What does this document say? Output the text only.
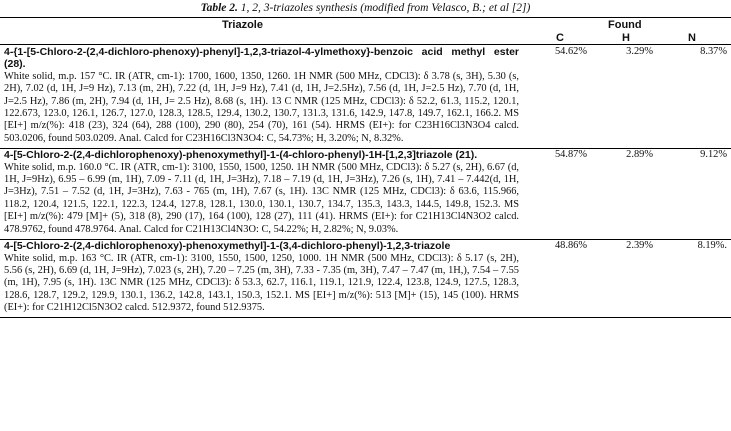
Table 2. 1, 2, 3-triazoles synthesis (modified from Velasco, B.; et al [2])
Triazole	Found
C	H	N
4-{1-[5-Chloro-2-(2,4-dichloro-phenoxy)-phenyl]-1,2,3-triazol-4-ylmethoxy}-benzoic acid methyl ester (28).
White solid, m.p. 157 °C. IR (ATR, cm-1): 1700, 1600, 1350, 1260. 1H NMR (500 MHz, CDCl3): δ 3.78 (s, 3H), 5.30 (s, 2H), 7.02 (d, 1H, J=9 Hz), 7.13 (m, 2H), 7.22 (d, 1H, J=9 Hz), 7.41 (d, 1H, J=2.5Hz), 7.56 (d, 1H, J=2.5 Hz), 7.70 (d, 1H, J=2.5 Hz), 7.86 (m, 2H), 7.94 (d, 1H, J= 2.5 Hz), 8.68 (s, 1H). 13 C NMR (125 MHz, CDCl3): δ 52.2, 61.3, 115.2, 120.1, 122.673, 123.0, 126.1, 126.7, 127.0, 128.3, 128.5, 129.4, 130.2, 130.7, 131.3, 131.6, 142.9, 147.8, 149.7, 162.1, 166.2. MS [EI+] m/z(%): 418 (23), 324 (64), 288 (100), 290 (80), 254 (70), 161 (54). HRMS (EI+): for C23H16Cl3N3O4 calcd. 503.0206, found 503.0209. Anal. Calcd for C23H16Cl3N3O4: C, 54.73%; H, 3.20%; N, 8.32%.	54.62%	3.29%	8.37%

4-[5-Chloro-2-(2,4-dichlorophenoxy)-phenoxymethyl]-1-(4-chloro-phenyl)-1H-[1,2,3]triazole (21).
White solid, m.p. 160.0 °C. IR (ATR, cm-1): 3100, 1550, 1500, 1250. 1H NMR (500 MHz, CDCl3): δ 5.27 (s, 2H), 6.67 (d, 1H, J=9Hz), 6.95 – 6.99 (m, 1H), 7.09 - 7.11 (d, 1H, J=3Hz), 7.18 – 7.19 (d, 1H, J=3Hz), 7.26 (s, 1H), 7.41 – 7.442(d, 1H, J=3Hz), 7.51 – 7.52 (d, 1H, J=3Hz), 7.63 - 765 (m, 1H), 7.67 (s, 1H). 13C NMR (125 MHz, CDCl3): δ 63.6, 115.966, 118.2, 120.4, 121.5, 122.1, 122.3, 124.4, 127.8, 128.1, 130.0, 130.1, 130.7, 134.7, 135.3, 143.3, 144.5, 149.8, 152.3. MS [EI+] m/z(%): 479 [M]+ (5), 318 (8), 290 (17), 164 (100), 128 (27), 111 (41). HRMS (EI+): for C21H13Cl4N3O2 calcd. 478.9762, found 478.9764. Anal. Calcd for C21H13Cl4N3O: C, 54.22%; H, 2.82%; N, 9.03%.	54.87%	2.89%	9.12%

4-[5-Chloro-2-(2,4-dichlorophenoxy)-phenoxymethyl]-1-(3,4-dichloro-phenyl)-1,2,3-triazole
White solid, m.p. 163 °C. IR (ATR, cm-1): 3100, 1550, 1500, 1250, 1000. 1H NMR (500 MHz, CDCl3): δ 5.17 (s, 2H), 5.56 (s, 2H), 6.69 (d, 1H, J=9Hz), 7.023 (s, 2H), 7.20 – 7.25 (m, 3H), 7.33 - 7.35 (m, 3H), 7.47 – 7.47 (m, 1H,), 7.54 – 7.55 (m, 1H), 7.95 (s, 1H). 13C NMR (125 MHz, CDCl3): δ 53.3, 62.7, 116.1, 119.1, 121.9, 122.4, 123.8, 124.9, 127.5, 128.3, 128.6, 128.7, 129.2, 129.9, 130.1, 136.2, 142.8, 143.1, 150.3, 152.1. MS [EI+] m/z(%): 513 [M]+ (15), 145 (100). HRMS (EI+): for C21H12Cl5N3O2 calcd. 512.9372, found 512.9375.	48.86%	2.39%	8.19%.
